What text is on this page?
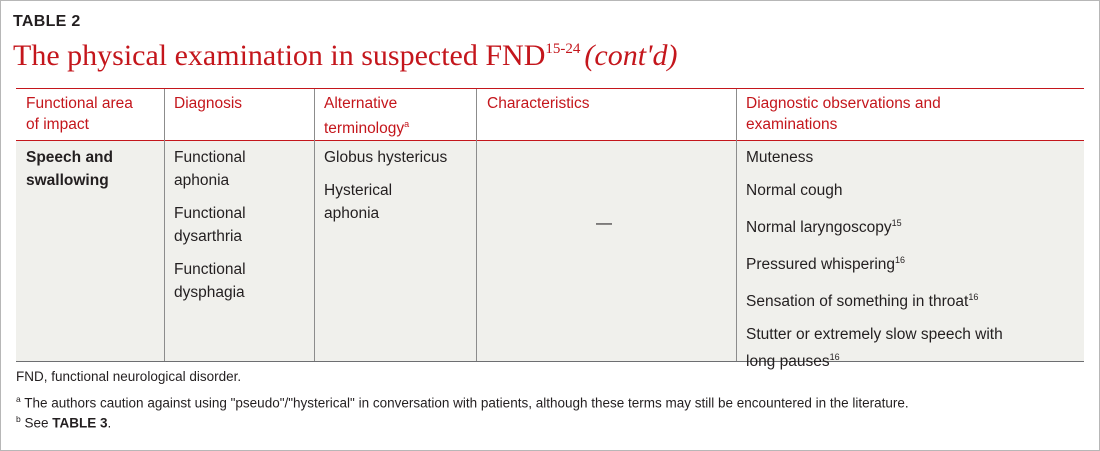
TABLE 2
The physical examination in suspected FND$^{15-24}$ (cont'd)
Functional area
of impact
Diagnosis	Alternative
terminology$^a$
Characteristics	Diagnostic observations and
examinations
Speech and
swallowing
Functional
aphonia
Functional
dysarthria
Functional
dysphagia
Globus hystericus
Hysterical
aphonia
—
Muteness
Normal cough
Normal laryngoscopy$^{15}$
Pressured whispering$^{16}$
Sensation of something in throat$^{16}$
Stutter or extremely slow speech with
long pauses$^{16}$
FND, functional neurological disorder.
$^a$ The authors caution against using "pseudo"/"hysterical" in conversation with patients, although these terms may still be encountered in the literature.
$^b$ See TABLE 3.
